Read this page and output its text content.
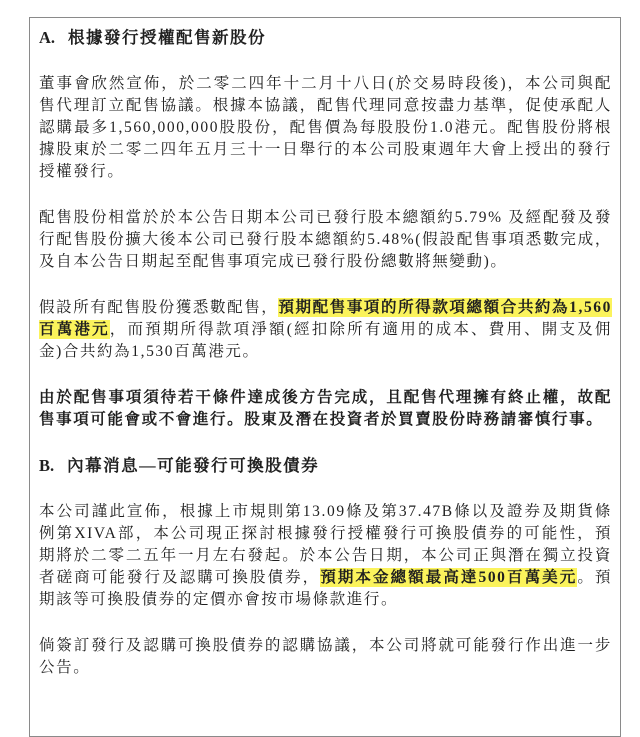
A. 根據發行授權配售新股份

董事會欣然宣佈，於二零二四年十二月十八日(於交易時段後)，本公司與配售代理訂立配售協議。根據本協議，配售代理同意按盡力基準，促使承配人認購最多1,560,000,000股股份，配售價為每股股份1.0港元。配售股份將根據股東於二零二四年五月三十一日舉行的本公司股東週年大會上授出的發行授權發行。

配售股份相當於於本公告日期本公司已發行股本總額約5.79% 及經配發及發行配售股份擴大後本公司已發行股本總額約5.48%(假設配售事項悉數完成，及自本公告日期起至配售事項完成已發行股份總數將無變動)。

假設所有配售股份獲悉數配售，預期配售事項的所得款項總額合共約為1,560百萬港元，而預期所得款項淨額(經扣除所有適用的成本、費用、開支及佣金)合共約為1,530百萬港元。

由於配售事項須待若干條件達成後方告完成，且配售代理擁有終止權，故配售事項可能會或不會進行。股東及潛在投資者於買賣股份時務請審慎行事。

B. 內幕消息—可能發行可換股債券

本公司謹此宣佈，根據上市規則第13.09條及第37.47B條以及證券及期貨條例第XIVA部，本公司現正探討根據發行授權發行可換股債券的可能性，預期將於二零二五年一月左右發起。於本公告日期，本公司正與潛在獨立投資者磋商可能發行及認購可換股債券，預期本金總額最高達500百萬美元。預期該等可換股債券的定價亦會按市場條款進行。

倘簽訂發行及認購可換股債券的認購協議，本公司將就可能發行作出進一步公告。
